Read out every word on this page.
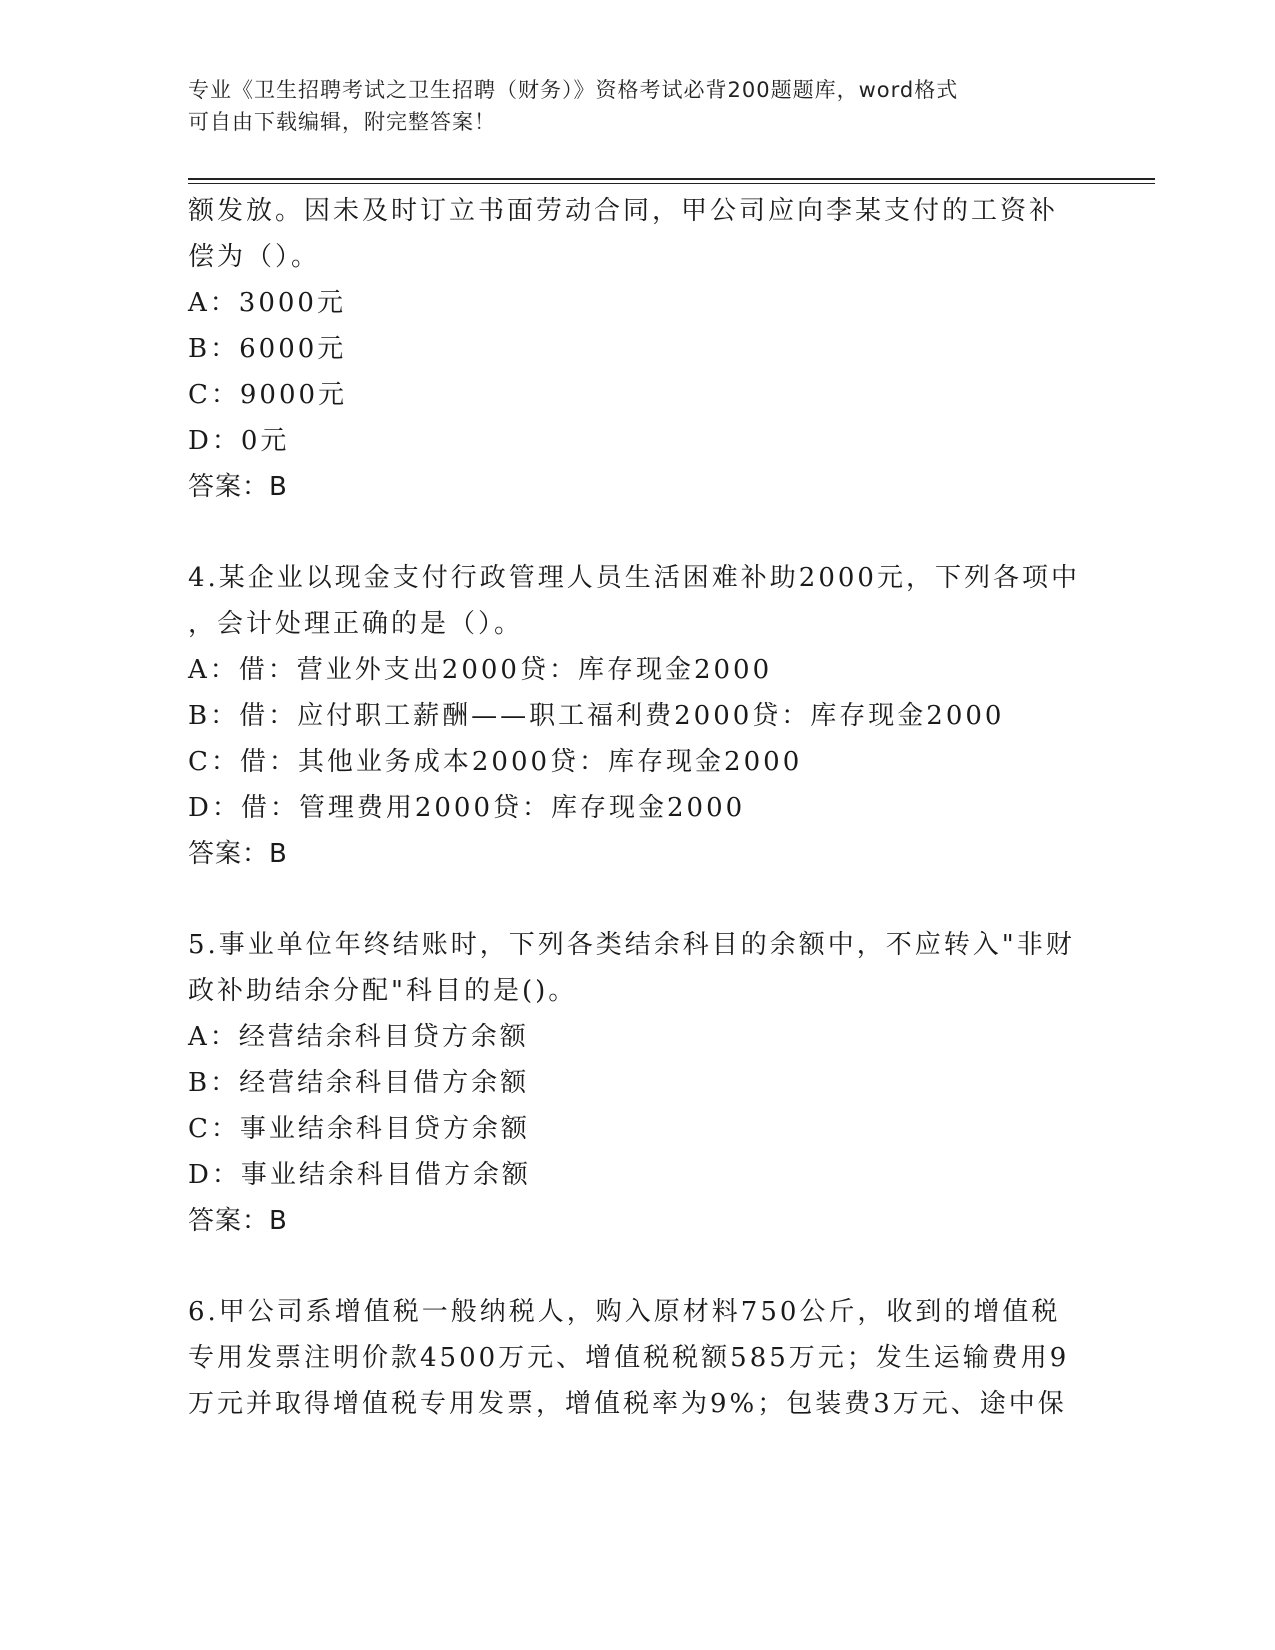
专业《卫生招聘考试之卫生招聘（财务）》资格考试必背200题题库，word格式
可自由下载编辑，附完整答案！
额发放。因未及时订立书面劳动合同，甲公司应向李某支付的工资补
偿为（）。
A：3000元
B：6000元
C：9000元
D：0元
答案：B
4.某企业以现金支付行政管理人员生活困难补助2000元，下列各项中
，会计处理正确的是（）。
A：借：营业外支出2000贷：库存现金2000
B：借：应付职工薪酬——职工福利费2000贷：库存现金2000
C：借：其他业务成本2000贷：库存现金2000
D：借：管理费用2000贷：库存现金2000
答案：B
5.事业单位年终结账时，下列各类结余科目的余额中，不应转入"非财
政补助结余分配"科目的是()。
A：经营结余科目贷方余额
B：经营结余科目借方余额
C：事业结余科目贷方余额
D：事业结余科目借方余额
答案：B
6.甲公司系增值税一般纳税人，购入原材料750公斤，收到的增值税
专用发票注明价款4500万元、增值税税额585万元；发生运输费用9
万元并取得增值税专用发票，增值税率为9%；包装费3万元、途中保
